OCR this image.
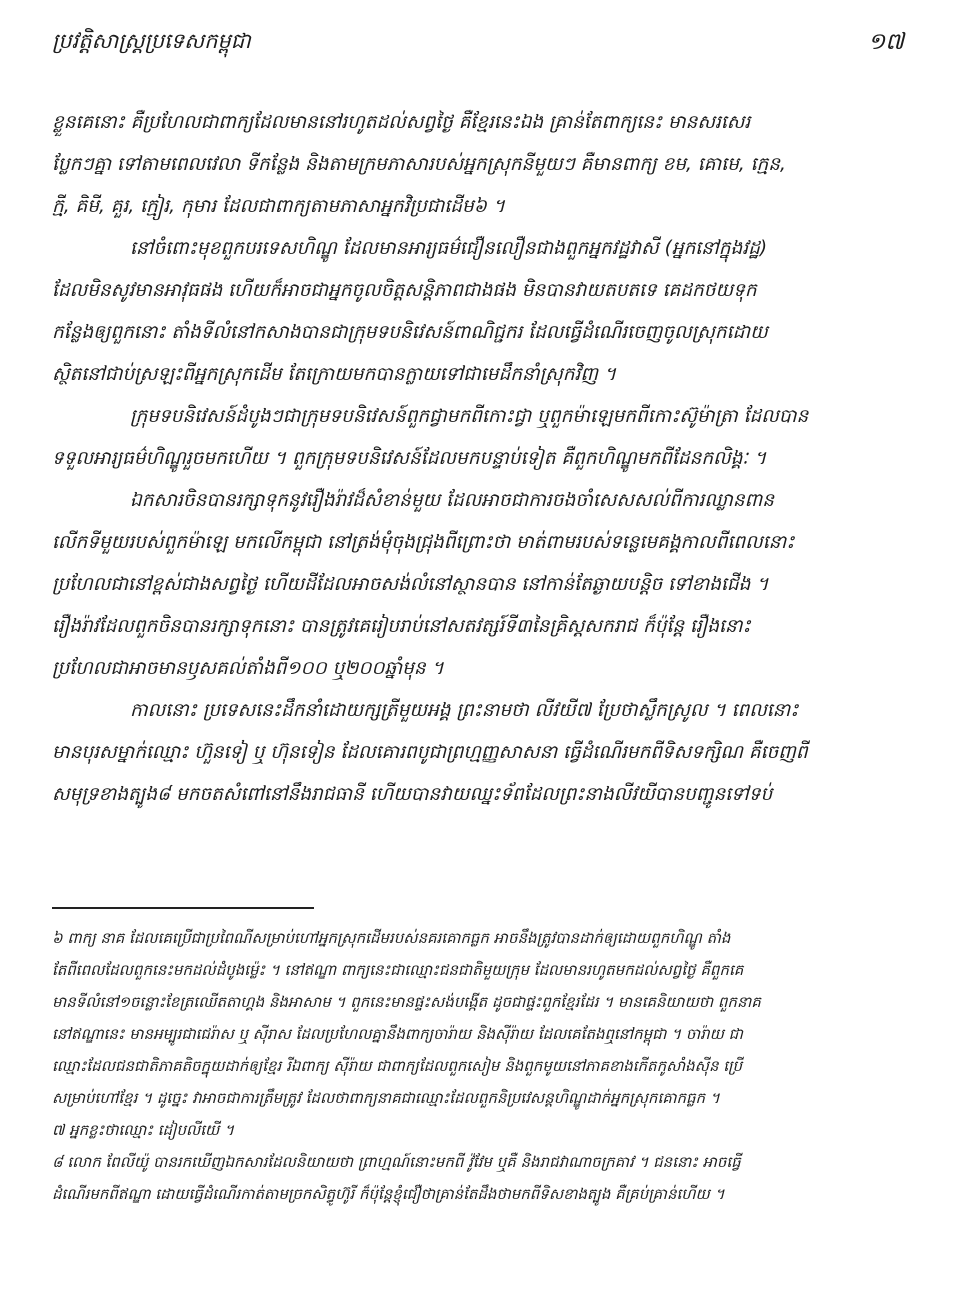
ប្រវត្តិសាស្ត្រប្រទេសកម្ពុជា	១៧
ខ្លួនគេនោះ គឺប្រហែលជាពាក្យដែលមាននៅរហូតដល់សព្វថ្ងៃ គឺខ្មែរនេះឯង គ្រាន់តែពាក្យនេះ មានសរសេរ
ប្លែកៗគ្នា ទៅតាមពេលវេលា ទីកន្លែង និងតាមក្រមភាសារបស់អ្នកស្រុកនីមួយៗ គឺមានពាក្យ ខម, គោមេ, ក្មេន,
ក្មី, គិមី, គួរ, ក្មៀរ, កុមារ ដែលជាពាក្យតាមភាសាអ្នកវិប្រជាដើម៦ ។
នៅចំពោះមុខពួកបរទេសហិណ្ឌូ ដែលមានអារ្យធម៌ជឿនលឿនជាងពួកអ្នកវដ្ឋវាសី (អ្នកនៅក្នុងវដ្ឋ)
ដែលមិនសូវមានអាវុធផង ហើយក៏អាចជាអ្នកចូលចិត្តសន្តិភាពជាងផង មិនបានវាយតបតទេ គេដកថយទុក
កន្លែងឲ្យពួកនោះ តាំងទីលំនៅកសាងបានជាក្រុមទបនិវេសន៍ពាណិជ្ជករ ដែលធ្វើដំណើរចេញចូលស្រុកដោយ
ស្ថិតនៅជាប់ស្រឡះពីអ្នកស្រុកដើម តែក្រោយមកបានក្លាយទៅជាមេដឹកនាំស្រុកវិញ ។
ក្រុមទបនិវេសន៍ដំបូងៗជាក្រុមទបនិវេសន៍ពួកជ្វាមកពីកោះជ្វា ឬពួកម៉ាឡេមកពីកោះស៊ូម៉ាត្រា ដែលបាន
ទទួលអារ្យធម៌ហិណ្ឌូរួចមកហើយ ។ ពួកក្រុមទបនិវេសន៍ដែលមកបន្ទាប់ទៀត គឺពួកហិណ្ឌូមកពីដែនកលិង្គៈ ។
ឯកសារចិនបានរក្សាទុកនូវរឿងរ៉ាវដ៏សំខាន់មួយ ដែលអាចជាការចងចាំសេសសល់ពីការឈ្លានពាន
លើកទីមួយរបស់ពួកម៉ាឡេ មកលើកម្ពុជា នៅត្រង់មុំចុងជ្រុងពីព្រោះថា មាត់ពាមរបស់ទន្លេមេគង្គកាលពីពេលនោះ
ប្រហែលជានៅខ្ពស់ជាងសព្វថ្ងៃ ហើយដីដែលអាចសង់លំនៅស្ថានបាន នៅកាន់តែឆ្ងាយបន្តិច ទៅខាងជើង ។
រឿងរ៉ាវដែលពួកចិនបានរក្សាទុកនោះ បានត្រូវគេរៀបរាប់នៅសតវត្សរ៍ទី៣នៃគ្រិស្តសករាជ ក៏ប៉ុន្តែ រឿងនោះ
ប្រហែលជាអាចមានឫសគល់តាំងពី១០០ ឬ២០០ឆ្នាំមុន ។
កាលនោះ ប្រទេសនេះដឹកនាំដោយក្សត្រីមួយអង្គ ព្រះនាមថា លីវយី៧ ប្រែថាស្លឹកស្រូល ។ ពេលនោះ
មានបុរសម្នាក់ឈ្មោះ ហ៊ួនទៀ ឬ ហ៊ុនទៀន ដែលគោរពបូជាព្រហ្មញ្ញសាសនា ធ្វើដំណើរមកពីទិសទក្សិណ គឺចេញពី
សមុទ្រខាងត្បូង៨ មកចតសំពៅនៅនឹងរាជធានី ហើយបានវាយឈ្នះទ័ពដែលព្រះនាងលីវយីបានបញ្ជូនទៅទប់
៦ ពាក្យ នាគ ដែលគេប្រើជាប្រពៃណីសម្រាប់ហៅអ្នកស្រុកដើមរបស់នគរគោកធ្លក អាចនឹងត្រូវបានដាក់ឲ្យដោយពួកហិណ្ឌូ តាំង
តែពីពេលដែលពួកនេះមកដល់ដំបូងម្ល៉េះ ។ នៅឥណ្ឌា ពាក្យនេះជាឈ្មោះជនជាតិមួយក្រុម ដែលមានរហូតមកដល់សព្វថ្ងៃ គឺពួកគេ
មានទីលំនៅ១ចន្លោះខែត្រឈើតតាហ្គង និងអាសាម ។ ពួកនេះមានផ្ទះសង់បង្កើត ដូចជាផ្ទះពួកខ្មែរដែរ ។ មានគេនិយាយថា ពួកនាគ
នៅឥណ្ឌានេះ មានអម្បូរជាជេរ៉ាស ឬ ស៊ីរាស ដែលប្រហែលគ្នានឹងពាក្យចារ៉ាយ និងស៊ីរ៉ាយ ដែលគេតែងឮនៅកម្ពុជា ។ ចារ៉ាយ ជា
ឈ្មោះដែលជនជាតិភាគតិចក្នុយដាក់ឲ្យខ្មែរ រីឯពាក្យ ស៊ីរ៉ាយ ជាពាក្យដែលពួកសៀម និងពួកមូយនៅភាគខាងកើតកូសាំងស៊ីន ប្រើ
សម្រាប់ហៅខ្មែរ ។ ដូច្នេះ វាអាចជាការត្រឹមត្រូវ ដែលថាពាក្យនាគជាឈ្មោះដែលពួកនិប្រវេសន្តហិណ្ឌូដាក់អ្នកស្រុកគោកធ្លក ។
៧ អ្នកខ្លះថាឈ្មោះ ដៀបលីយើ ។
៨ លោក ពែលីយ៉ូ បានរកឃើញឯកសារដែលនិយាយថា ព្រាហ្មណ៍នោះមកពី វ៉ូវែម ឬគឺ និងរាជវាណាចក្រគាវ ។ ជននោះ អាចធ្វើ
ដំណើរមកពីឥណ្ឌា ដោយធ្វើដំណើរកាត់តាមច្រកសិត្ធូហ៊ូរី ក៏ប៉ុន្តែខ្ញុំជឿថាគ្រាន់តែដឹងថាមកពីទិសខាងត្បូង គឺគ្រប់គ្រាន់ហើយ ។
